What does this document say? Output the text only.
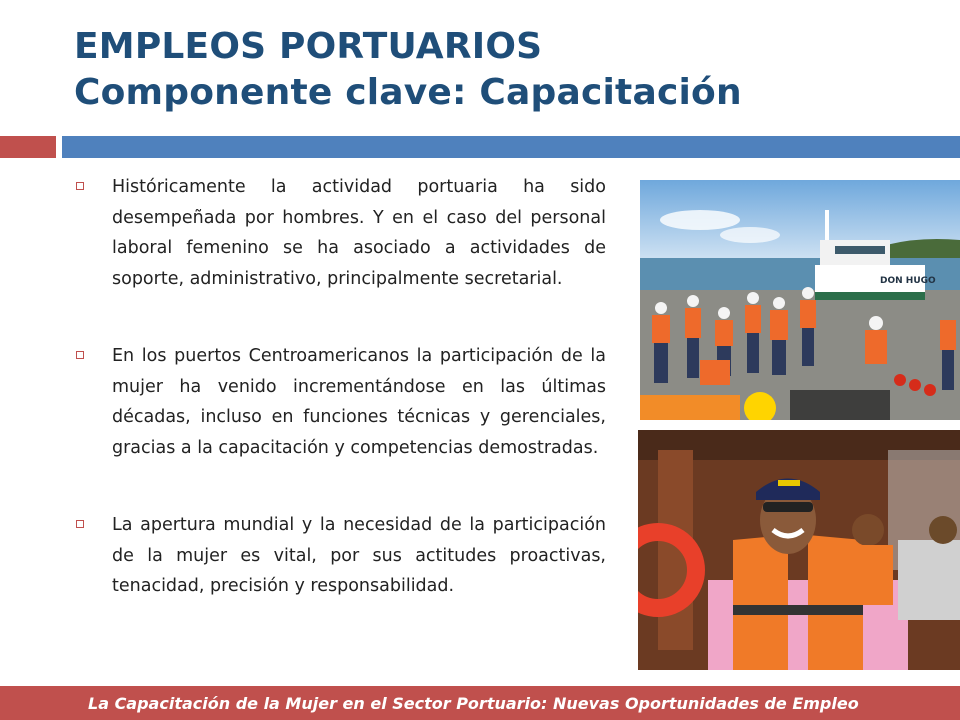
EMPLEOS PORTUARIOS
Componente clave: Capacitación
Históricamente la actividad portuaria ha sido desempeñada por hombres. Y en el caso del personal laboral femenino se ha asociado a actividades de soporte, administrativo, principalmente secretarial.
En los puertos Centroamericanos la participación de la mujer ha venido incrementándose en las últimas décadas, incluso en funciones técnicas y gerenciales, gracias a la capacitación y competencias demostradas.
La apertura mundial y la necesidad de la participación de la mujer es vital, por sus actitudes proactivas, tenacidad, precisión y responsabilidad.
DON HUGO
La Capacitación de la Mujer en el Sector Portuario: Nuevas Oportunidades de Empleo
